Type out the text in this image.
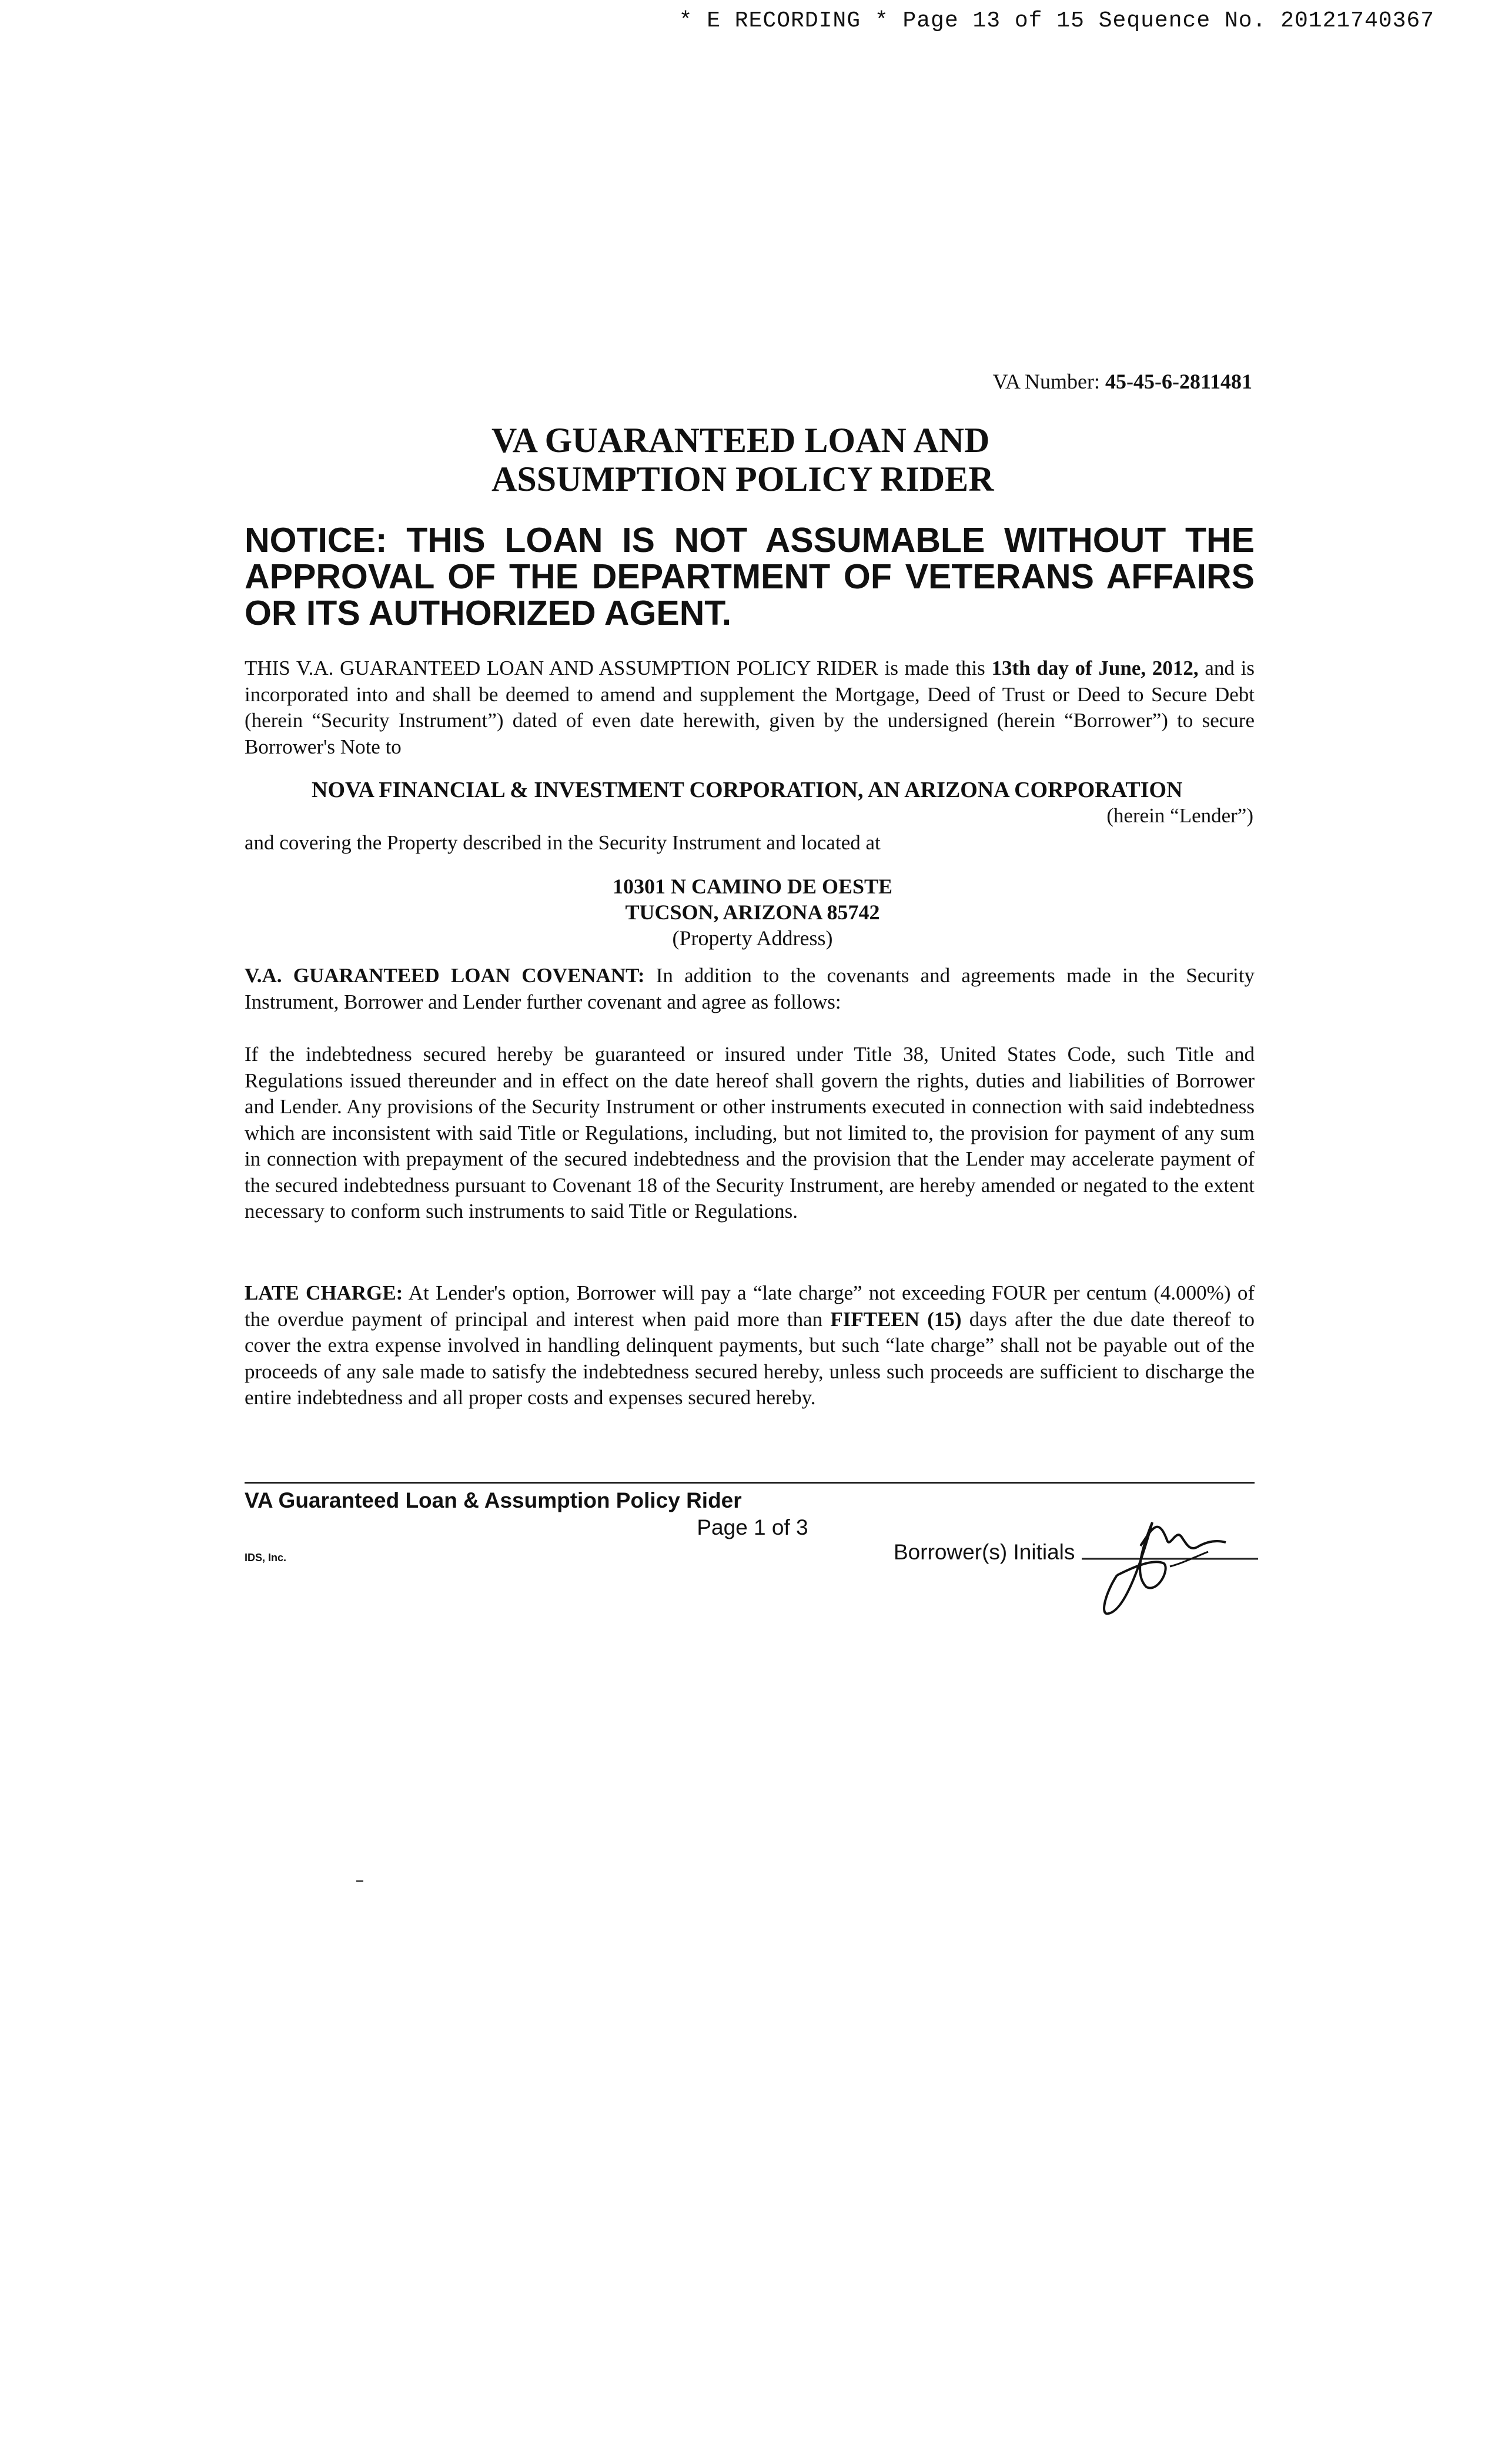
* E RECORDING * Page 13 of 15 Sequence No. 20121740367
VA Number: 45-45-6-2811481
VA GUARANTEED LOAN AND
ASSUMPTION POLICY RIDER
NOTICE: THIS LOAN IS NOT ASSUMABLE WITHOUT THE APPROVAL OF THE DEPARTMENT OF VETERANS AFFAIRS OR ITS AUTHORIZED AGENT.
THIS V.A. GUARANTEED LOAN AND ASSUMPTION POLICY RIDER is made this 13th day of June, 2012, and is incorporated into and shall be deemed to amend and supplement the Mortgage, Deed of Trust or Deed to Secure Debt (herein “Security Instrument”) dated of even date herewith, given by the undersigned (herein “Borrower”) to secure Borrower's Note to
NOVA FINANCIAL & INVESTMENT CORPORATION, AN ARIZONA CORPORATION
(herein “Lender”)
and covering the Property described in the Security Instrument and located at
10301 N CAMINO DE OESTE
TUCSON, ARIZONA 85742
(Property Address)
V.A. GUARANTEED LOAN COVENANT: In addition to the covenants and agreements made in the Security Instrument, Borrower and Lender further covenant and agree as follows:
If the indebtedness secured hereby be guaranteed or insured under Title 38, United States Code, such Title and Regulations issued thereunder and in effect on the date hereof shall govern the rights, duties and liabilities of Borrower and Lender. Any provisions of the Security Instrument or other instruments executed in connection with said indebtedness which are inconsistent with said Title or Regulations, including, but not limited to, the provision for payment of any sum in connection with prepayment of the secured indebtedness and the provision that the Lender may accelerate payment of the secured indebtedness pursuant to Covenant 18 of the Security Instrument, are hereby amended or negated to the extent necessary to conform such instruments to said Title or Regulations.
LATE CHARGE: At Lender's option, Borrower will pay a “late charge” not exceeding FOUR per centum (4.000%) of the overdue payment of principal and interest when paid more than FIFTEEN (15) days after the due date thereof to cover the extra expense involved in handling delinquent payments, but such “late charge” shall not be payable out of the proceeds of any sale made to satisfy the indebtedness secured hereby, unless such proceeds are sufficient to discharge the entire indebtedness and all proper costs and expenses secured hereby.
VA Guaranteed Loan & Assumption Policy Rider
Page 1 of 3
IDS, Inc.	Borrower(s) Initials
